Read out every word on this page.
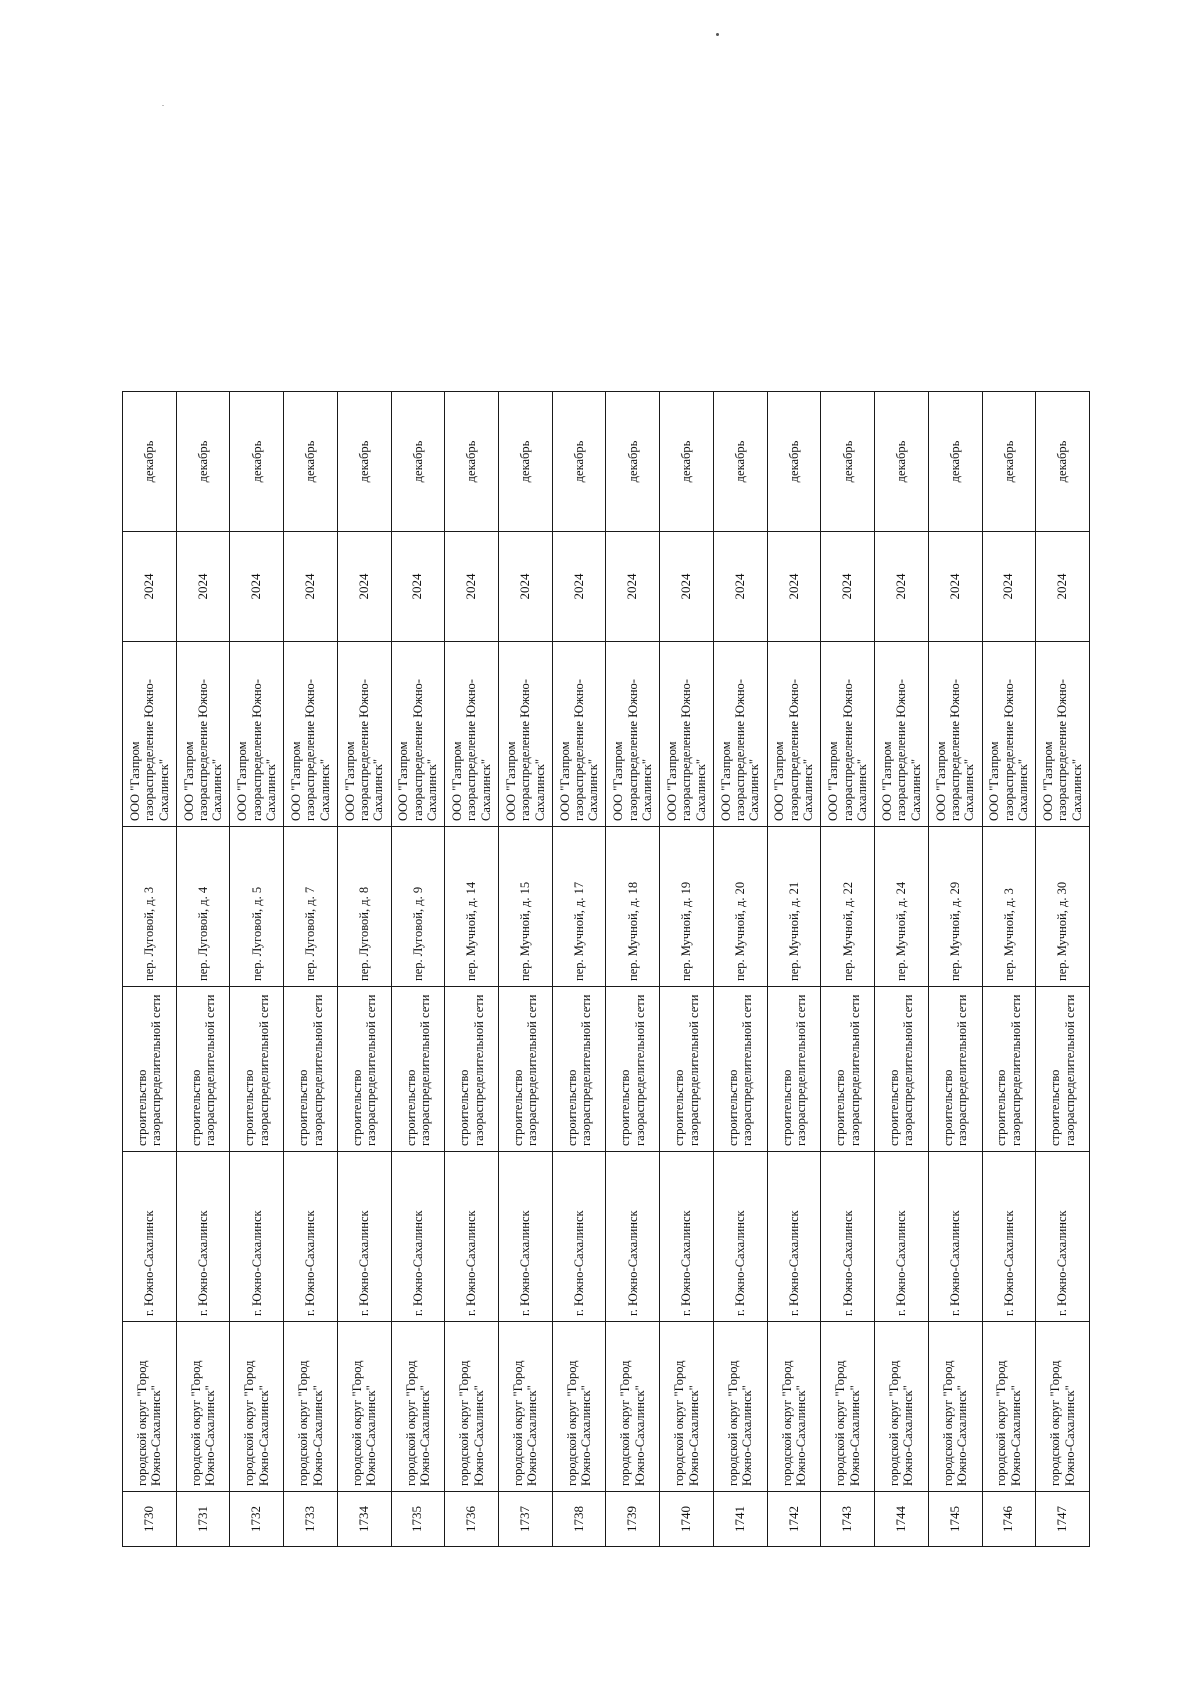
1730	городской округ "Город Южно-Сахалинск"	г. Южно-Сахалинск	строительство газораспределительной сети	пер. Луговой, д. 3	ООО "Газпром газораспределение Южно-Сахалинск"	2024	декабрь
1731	городской округ "Город Южно-Сахалинск"	г. Южно-Сахалинск	строительство газораспределительной сети	пер. Луговой, д. 4	ООО "Газпром газораспределение Южно-Сахалинск"	2024	декабрь
1732	городской округ "Город Южно-Сахалинск"	г. Южно-Сахалинск	строительство газораспределительной сети	пер. Луговой, д. 5	ООО "Газпром газораспределение Южно-Сахалинск"	2024	декабрь
1733	городской округ "Город Южно-Сахалинск"	г. Южно-Сахалинск	строительство газораспределительной сети	пер. Луговой, д. 7	ООО "Газпром газораспределение Южно-Сахалинск"	2024	декабрь
1734	городской округ "Город Южно-Сахалинск"	г. Южно-Сахалинск	строительство газораспределительной сети	пер. Луговой, д. 8	ООО "Газпром газораспределение Южно-Сахалинск"	2024	декабрь
1735	городской округ "Город Южно-Сахалинск"	г. Южно-Сахалинск	строительство газораспределительной сети	пер. Луговой, д. 9	ООО "Газпром газораспределение Южно-Сахалинск"	2024	декабрь
1736	городской округ "Город Южно-Сахалинск"	г. Южно-Сахалинск	строительство газораспределительной сети	пер. Мучной, д. 14	ООО "Газпром газораспределение Южно-Сахалинск"	2024	декабрь
1737	городской округ "Город Южно-Сахалинск"	г. Южно-Сахалинск	строительство газораспределительной сети	пер. Мучной, д. 15	ООО "Газпром газораспределение Южно-Сахалинск"	2024	декабрь
1738	городской округ "Город Южно-Сахалинск"	г. Южно-Сахалинск	строительство газораспределительной сети	пер. Мучной, д. 17	ООО "Газпром газораспределение Южно-Сахалинск"	2024	декабрь
1739	городской округ "Город Южно-Сахалинск"	г. Южно-Сахалинск	строительство газораспределительной сети	пер. Мучной, д. 18	ООО "Газпром газораспределение Южно-Сахалинск"	2024	декабрь
1740	городской округ "Город Южно-Сахалинск"	г. Южно-Сахалинск	строительство газораспределительной сети	пер. Мучной, д. 19	ООО "Газпром газораспределение Южно-Сахалинск"	2024	декабрь
1741	городской округ "Город Южно-Сахалинск"	г. Южно-Сахалинск	строительство газораспределительной сети	пер. Мучной, д. 20	ООО "Газпром газораспределение Южно-Сахалинск"	2024	декабрь
1742	городской округ "Город Южно-Сахалинск"	г. Южно-Сахалинск	строительство газораспределительной сети	пер. Мучной, д. 21	ООО "Газпром газораспределение Южно-Сахалинск"	2024	декабрь
1743	городской округ "Город Южно-Сахалинск"	г. Южно-Сахалинск	строительство газораспределительной сети	пер. Мучной, д. 22	ООО "Газпром газораспределение Южно-Сахалинск"	2024	декабрь
1744	городской округ "Город Южно-Сахалинск"	г. Южно-Сахалинск	строительство газораспределительной сети	пер. Мучной, д. 24	ООО "Газпром газораспределение Южно-Сахалинск"	2024	декабрь
1745	городской округ "Город Южно-Сахалинск"	г. Южно-Сахалинск	строительство газораспределительной сети	пер. Мучной, д. 29	ООО "Газпром газораспределение Южно-Сахалинск"	2024	декабрь
1746	городской округ "Город Южно-Сахалинск"	г. Южно-Сахалинск	строительство газораспределительной сети	пер. Мучной, д. 3	ООО "Газпром газораспределение Южно-Сахалинск"	2024	декабрь
1747	городской округ "Город Южно-Сахалинск"	г. Южно-Сахалинск	строительство газораспределительной сети	пер. Мучной, д. 30	ООО "Газпром газораспределение Южно-Сахалинск"	2024	декабрь
